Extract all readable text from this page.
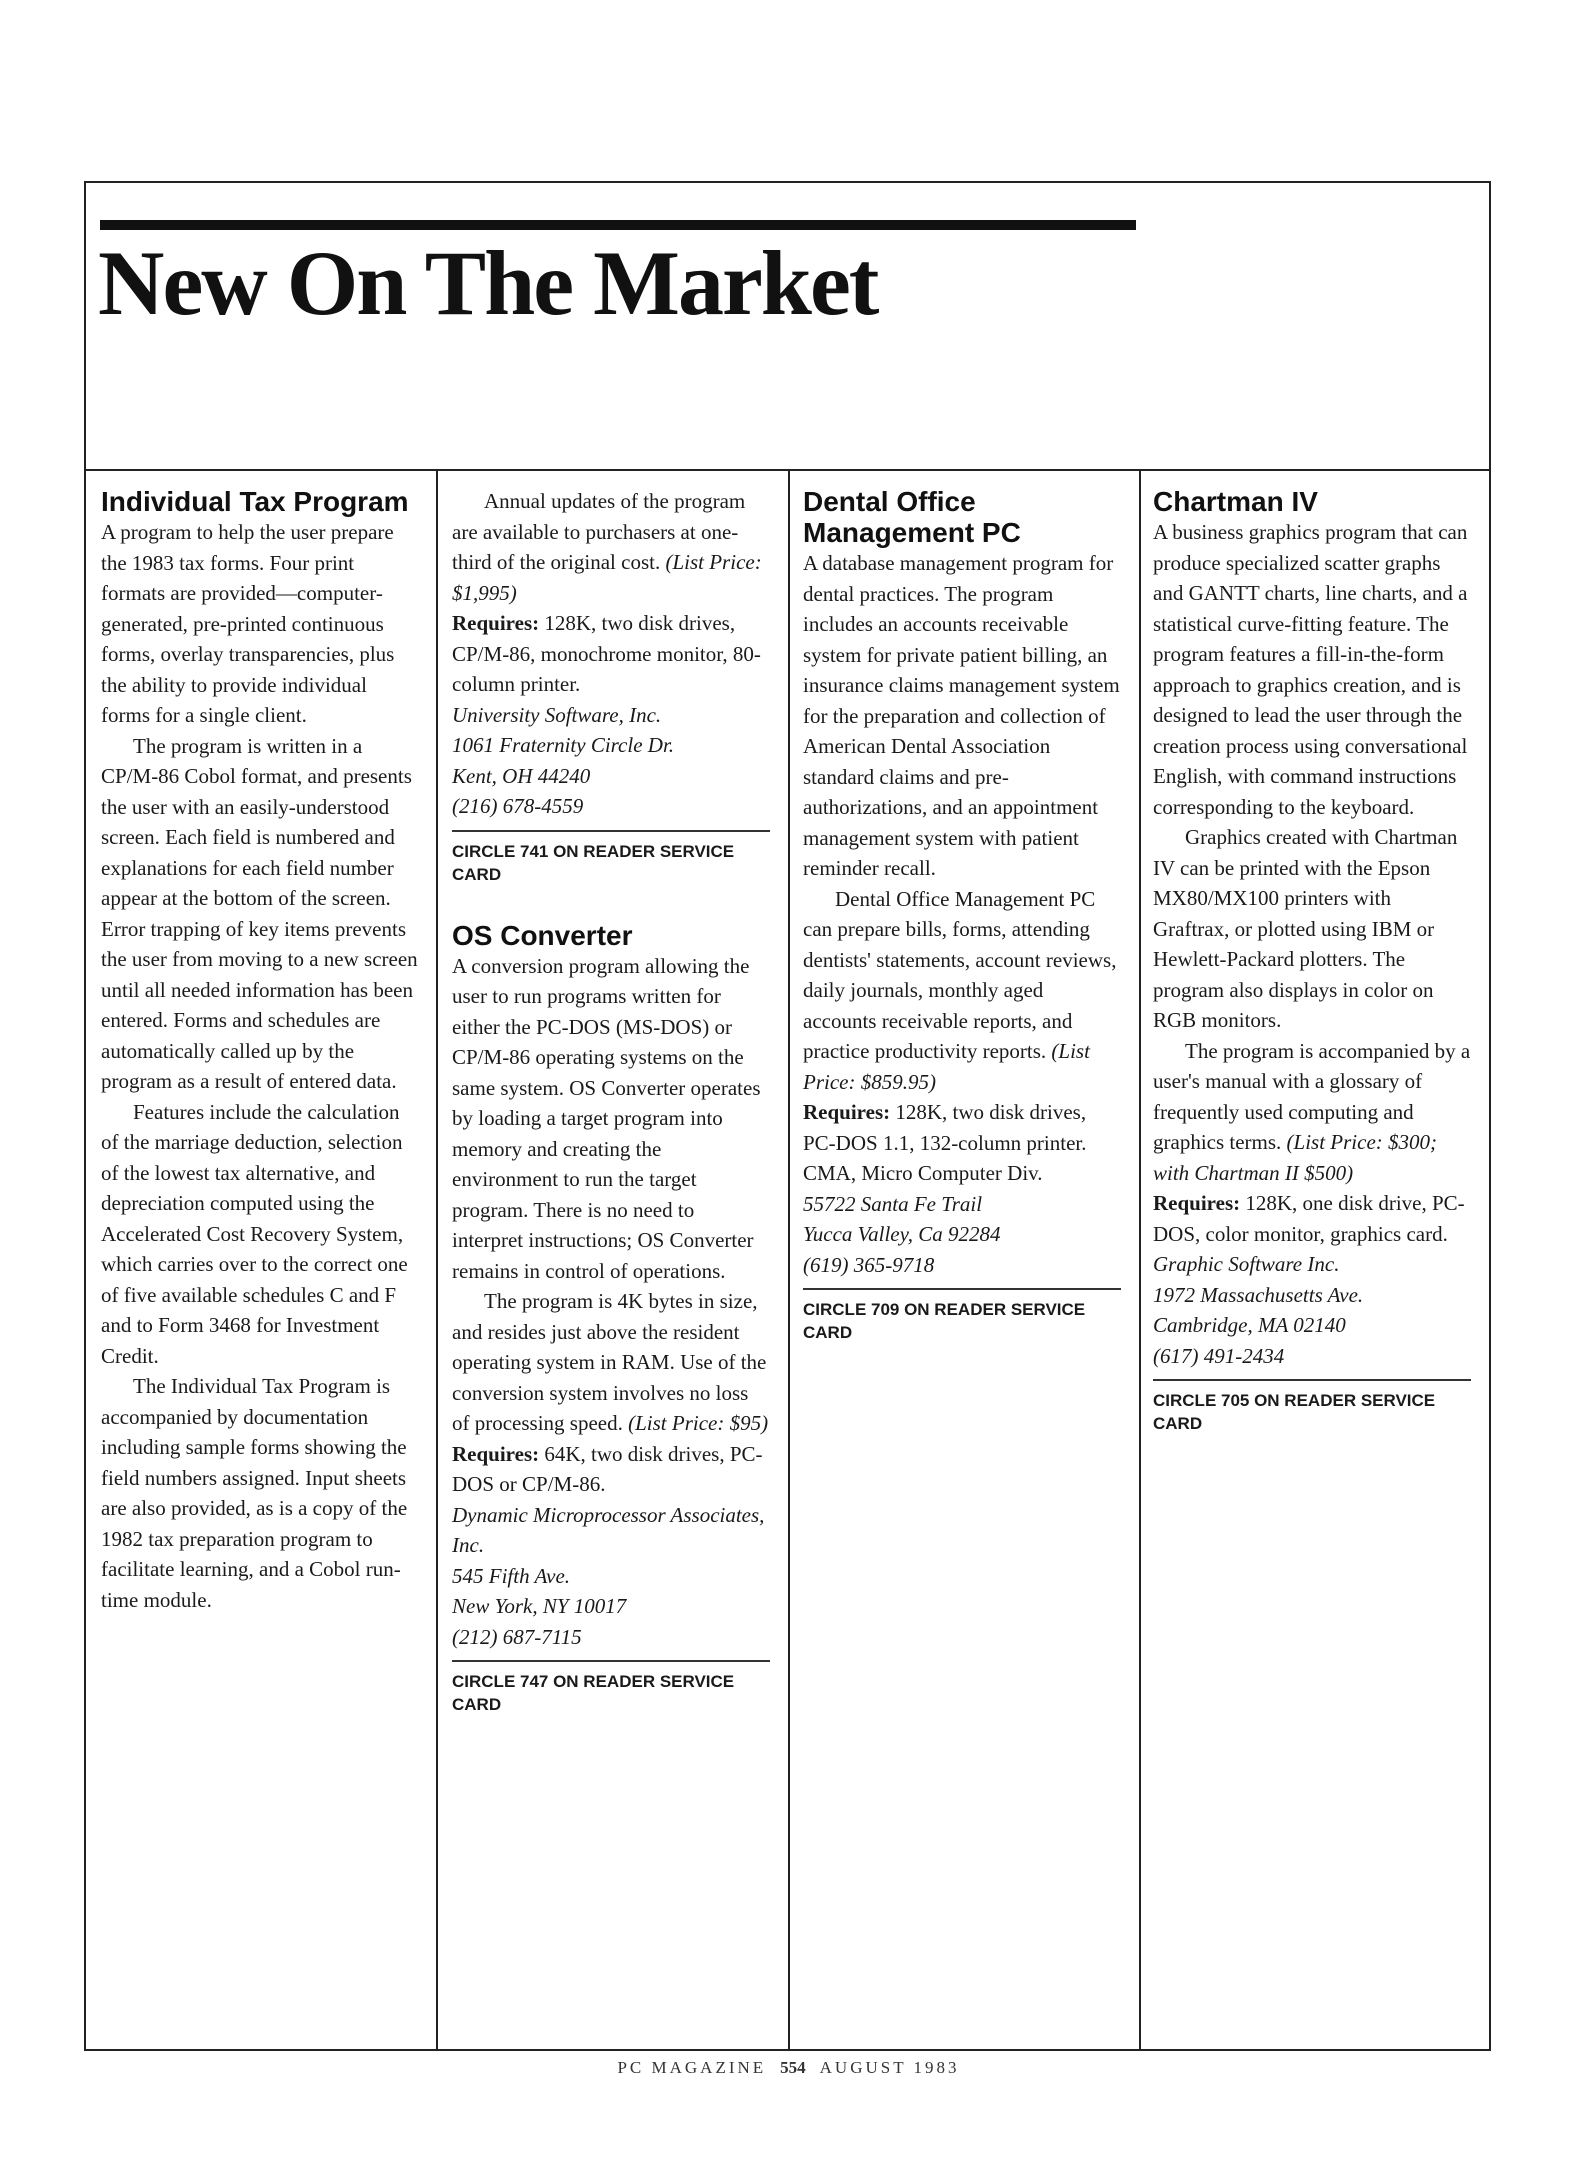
New On The Market
Individual Tax Program

A program to help the user prepare the 1983 tax forms. Four print formats are provided—computer-generated, pre-printed continuous forms, overlay transparencies, plus the ability to provide individual forms for a single client.

The program is written in a CP/M-86 Cobol format, and presents the user with an easily-understood screen. Each field is numbered and explanations for each field number appear at the bottom of the screen. Error trapping of key items prevents the user from moving to a new screen until all needed information has been entered. Forms and schedules are automatically called up by the program as a result of entered data.

Features include the calculation of the marriage deduction, selection of the lowest tax alternative, and depreciation computed using the Accelerated Cost Recovery System, which carries over to the correct one of five available schedules C and F and to Form 3468 for Investment Credit.

The Individual Tax Program is accompanied by documentation including sample forms showing the field numbers assigned. Input sheets are also provided, as is a copy of the 1982 tax preparation program to facilitate learning, and a Cobol run-time module.

Annual updates of the program are available to purchasers at one-third of the original cost. (List Price: $1,995)

Requires: 128K, two disk drives, CP/M-86, monochrome monitor, 80-column printer.

University Software, Inc.

1061 Fraternity Circle Dr.

Kent, OH 44240

(216) 678-4559

CIRCLE 741 ON READER SERVICE CARD

OS Converter

A conversion program allowing the user to run programs written for either the PC-DOS (MS-DOS) or CP/M-86 operating systems on the same system. OS Converter operates by loading a target program into memory and creating the environment to run the target program. There is no need to interpret instructions; OS Converter remains in control of operations.

The program is 4K bytes in size, and resides just above the resident operating system in RAM. Use of the conversion system involves no loss of processing speed. (List Price: $95)

Requires: 64K, two disk drives, PC-DOS or CP/M-86.

Dynamic Microprocessor Associates, Inc.

545 Fifth Ave.

New York, NY 10017

(212) 687-7115

CIRCLE 747 ON READER SERVICE CARD

Dental Office Management PC

A database management program for dental practices. The program includes an accounts receivable system for private patient billing, an insurance claims management system for the preparation and collection of American Dental Association standard claims and pre-authorizations, and an appointment management system with patient reminder recall.

Dental Office Management PC can prepare bills, forms, attending dentists' statements, account reviews, daily journals, monthly aged accounts receivable reports, and practice productivity reports. (List Price: $859.95)

Requires: 128K, two disk drives, PC-DOS 1.1, 132-column printer.

CMA, Micro Computer Div.

55722 Santa Fe Trail

Yucca Valley, Ca 92284

(619) 365-9718

CIRCLE 709 ON READER SERVICE CARD

Chartman IV

A business graphics program that can produce specialized scatter graphs and GANTT charts, line charts, and a statistical curve-fitting feature. The program features a fill-in-the-form approach to graphics creation, and is designed to lead the user through the creation process using conversational English, with command instructions corresponding to the keyboard.

Graphics created with Chartman IV can be printed with the Epson MX80/MX100 printers with Graftrax, or plotted using IBM or Hewlett-Packard plotters. The program also displays in color on RGB monitors.

The program is accompanied by a user's manual with a glossary of frequently used computing and graphics terms. (List Price: $300; with Chartman II $500)

Requires: 128K, one disk drive, PC-DOS, color monitor, graphics card.

Graphic Software Inc.

1972 Massachusetts Ave.

Cambridge, MA 02140

(617) 491-2434

CIRCLE 705 ON READER SERVICE CARD

PC MAGAZINE 554 AUGUST 1983
